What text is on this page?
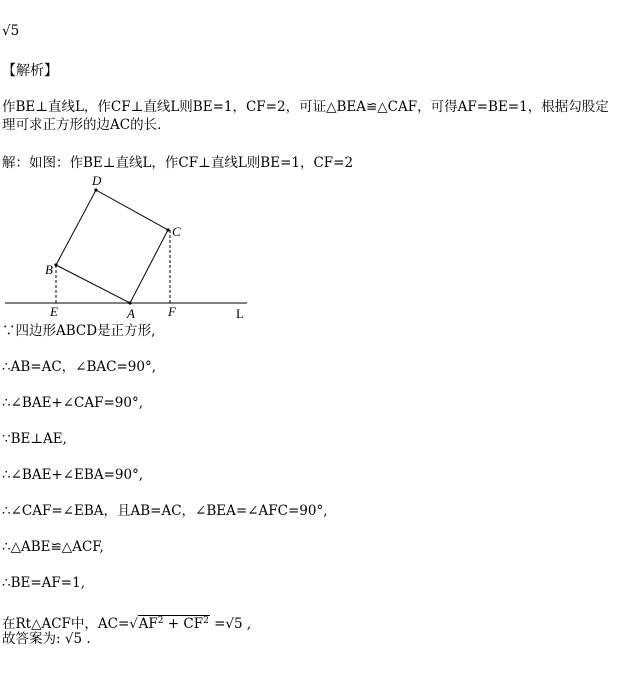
√5
【解析】
作BE⊥直线L，作CF⊥直线L则BE=1，CF=2，可证△BEA≌△CAF，可得AF=BE=1，根据勾股定理可求正方形的边AC的长．
解：如图：作BE⊥直线L，作CF⊥直线L则BE=1，CF=2
D
C
B
E	A	F	L
∵四边形ABCD是正方形,
∴AB=AC，∠BAC=90°,
∴∠BAE+∠CAF=90°,
∵BE⊥AE,
∴∠BAE+∠EBA=90°,
∴∠CAF=∠EBA，且AB=AC，∠BEA=∠AFC=90°,
∴△ABE≌△ACF,
∴BE=AF=1,
在Rt△ACF中，$AC=√AF^2 + CF^2 =√5$ ,
故答案为: √5 .
